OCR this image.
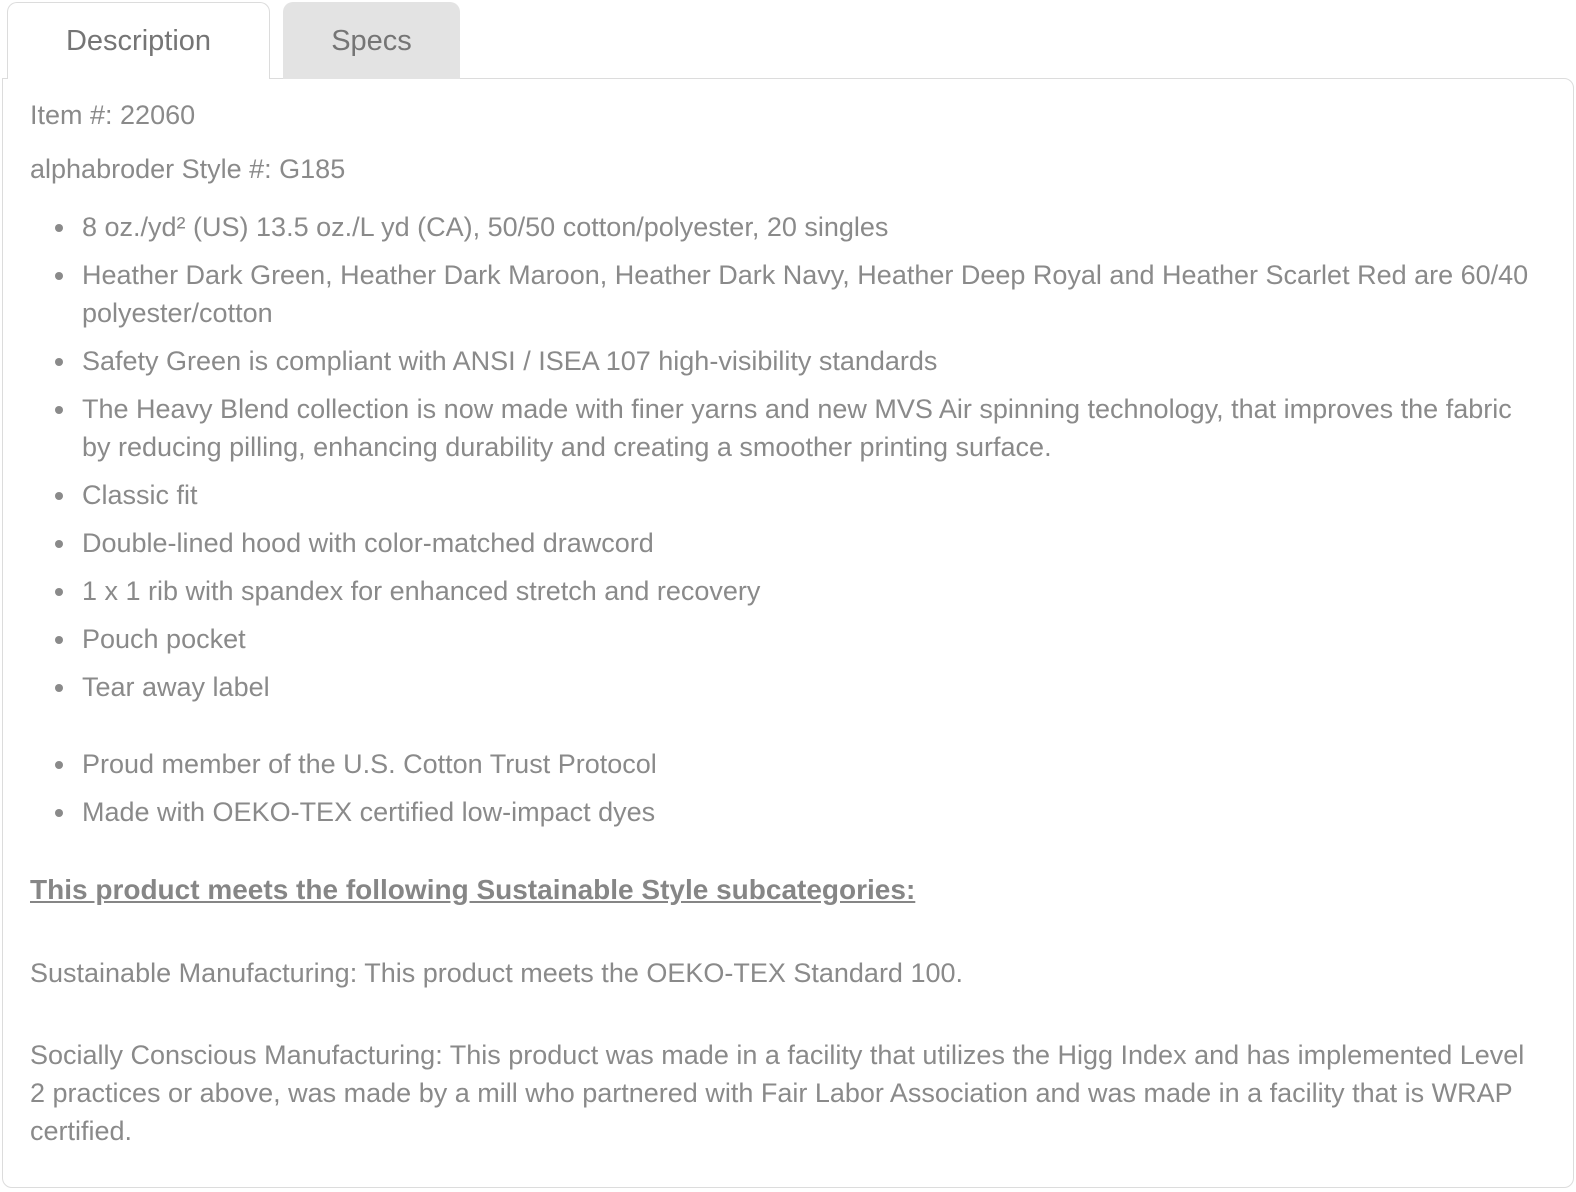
Description	Specs

Item #: 22060

alphabroder Style #: G185

• 8 oz./yd² (US) 13.5 oz./L yd (CA), 50/50 cotton/polyester, 20 singles
• Heather Dark Green, Heather Dark Maroon, Heather Dark Navy, Heather Deep Royal and Heather Scarlet Red are 60/40 polyester/cotton
• Safety Green is compliant with ANSI / ISEA 107 high-visibility standards
• The Heavy Blend collection is now made with finer yarns and new MVS Air spinning technology, that improves the fabric by reducing pilling, enhancing durability and creating a smoother printing surface.
• Classic fit
• Double-lined hood with color-matched drawcord
• 1 x 1 rib with spandex for enhanced stretch and recovery
• Pouch pocket
• Tear away label
• Proud member of the U.S. Cotton Trust Protocol
• Made with OEKO-TEX certified low-impact dyes

This product meets the following Sustainable Style subcategories:

Sustainable Manufacturing: This product meets the OEKO-TEX Standard 100.

Socially Conscious Manufacturing: This product was made in a facility that utilizes the Higg Index and has implemented Level 2 practices or above, was made by a mill who partnered with Fair Labor Association and was made in a facility that is WRAP certified.
